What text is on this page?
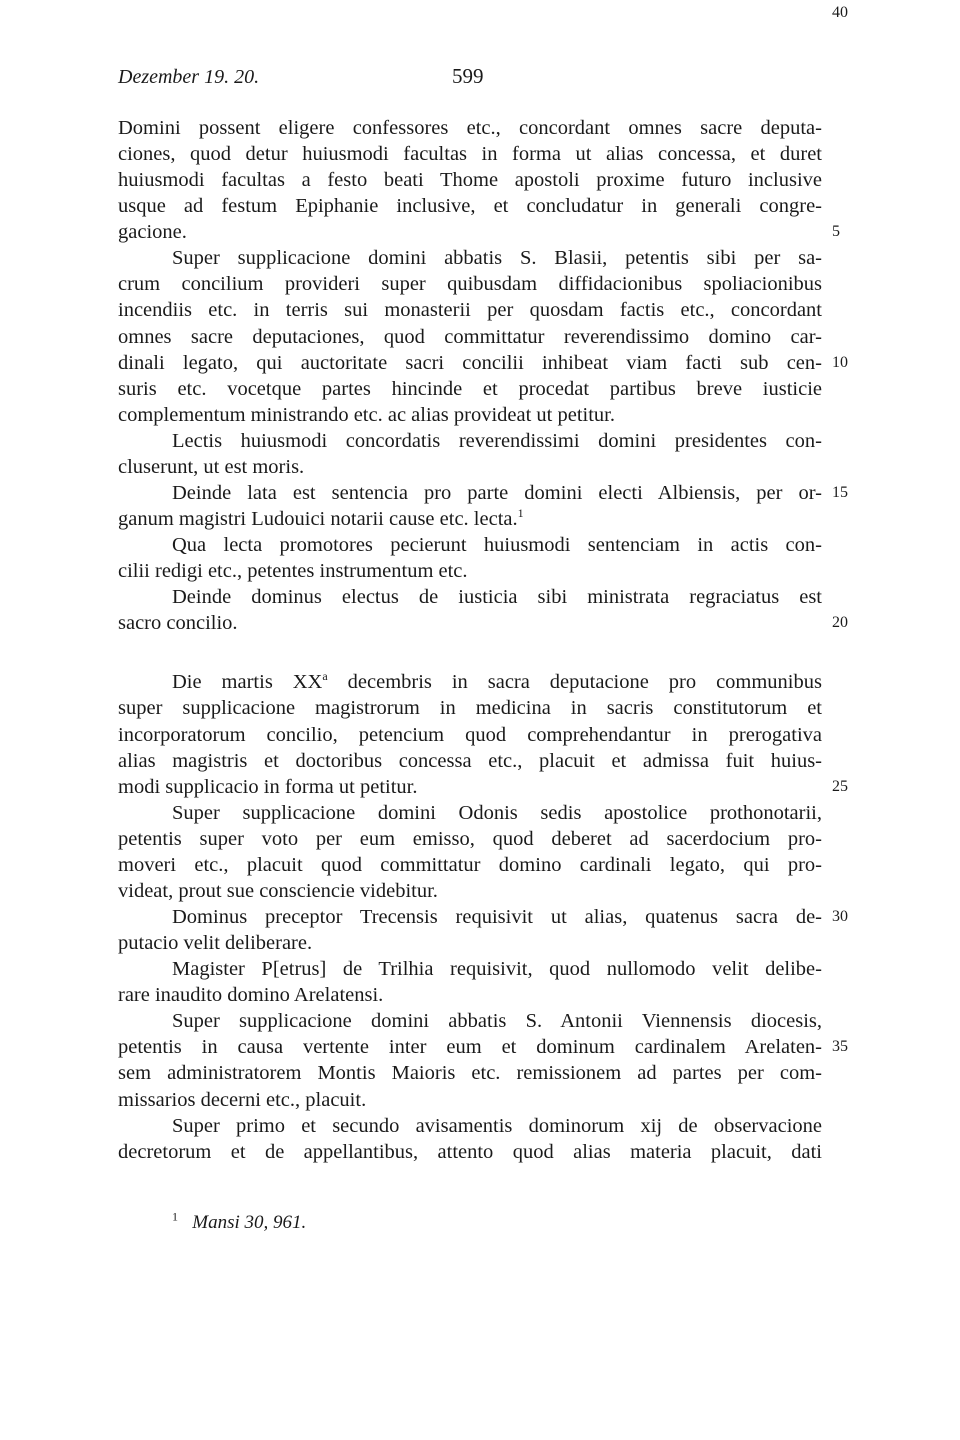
Dezember 19. 20.	599
Domini possent eligere confessores etc., concordant omnes sacre deputa-
ciones, quod detur huiusmodi facultas in forma ut alias concessa, et duret
huiusmodi facultas a festo beati Thome apostoli proxime futuro inclusive
usque ad festum Epiphanie inclusive, et concludatur in generali congre-
gacione.
Super supplicacione domini abbatis S. Blasii, petentis sibi per sa-
crum concilium provideri super quibusdam diffidacionibus spoliacionibus
incendiis etc. in terris sui monasterii per quosdam factis etc., concordant
omnes sacre deputaciones, quod committatur reverendissimo domino car-
dinali legato, qui auctoritate sacri concilii inhibeat viam facti sub cen-
suris etc. vocetque partes hincinde et procedat partibus breve iusticie
complementum ministrando etc. ac alias provideat ut petitur.
Lectis huiusmodi concordatis reverendissimi domini presidentes con-
cluserunt, ut est moris.
Deinde lata est sentencia pro parte domini electi Albiensis, per or-
ganum magistri Ludouici notarii cause etc. lecta.$^1$
Qua lecta promotores pecierunt huiusmodi sentenciam in actis con-
cilii redigi etc., petentes instrumentum etc.
Deinde dominus electus de iusticia sibi ministrata regraciatus est
sacro concilio.
Die martis $XX^a$ decembris in sacra deputacione pro communibus
super supplicacione magistrorum in medicina in sacris constitutorum et
incorporatorum concilio, petencium quod comprehendantur in prerogativa
alias magistris et doctoribus concessa etc., placuit et admissa fuit huius-
modi supplicacio in forma ut petitur.
Super supplicacione domini Odonis sedis apostolice prothonotarii,
petentis super voto per eum emisso, quod deberet ad sacerdocium pro-
moveri etc., placuit quod committatur domino cardinali legato, qui pro-
videat, prout sue consciencie videbitur.
Dominus preceptor Trecensis requisivit ut alias, quatenus sacra de-
putacio velit deliberare.
Magister P[etrus] de Trilhia requisivit, quod nullomodo velit delibe-
rare inaudito domino Arelatensi.
Super supplicacione domini abbatis S. Antonii Viennensis diocesis,
petentis in causa vertente inter eum et dominum cardinalem Arelaten-
sem administratorem Montis Maioris etc. remissionem ad partes per com-
missarios decerni etc., placuit.
Super primo et secundo avisamentis dominorum xij de observacione
decretorum et de appellantibus, attento quod alias materia placuit, dati
5
10
15
20
25
30
35
40
$^1$ Mansi 30, 961.
